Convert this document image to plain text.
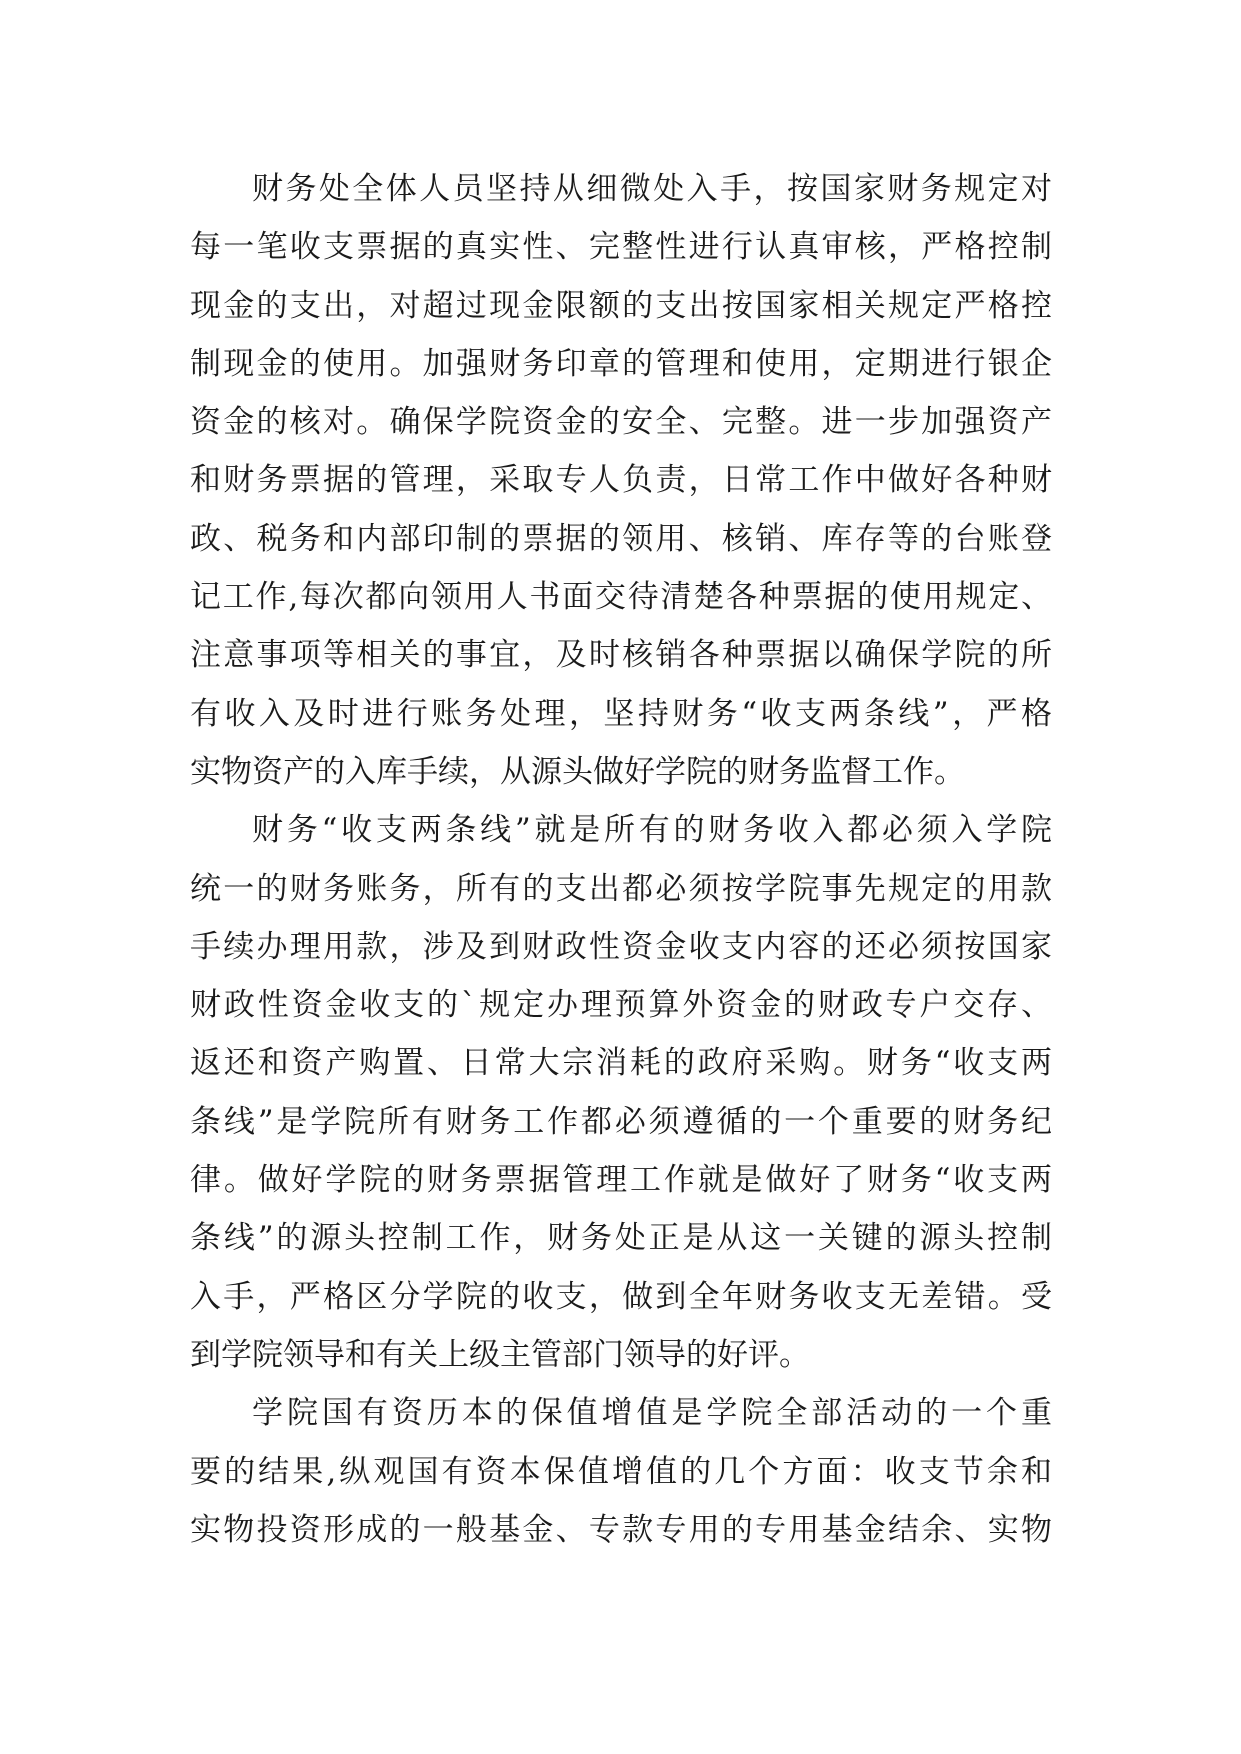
财务处全体人员坚持从细微处入手，按国家财务规定对
每一笔收支票据的真实性、完整性进行认真审核，严格控制
现金的支出，对超过现金限额的支出按国家相关规定严格控
制现金的使用。加强财务印章的管理和使用，定期进行银企
资金的核对。确保学院资金的安全、完整。进一步加强资产
和财务票据的管理，采取专人负责，日常工作中做好各种财
政、税务和内部印制的票据的领用、核销、库存等的台账登
记工作,每次都向领用人书面交待清楚各种票据的使用规定、
注意事项等相关的事宜，及时核销各种票据以确保学院的所
有收入及时进行账务处理，坚持财务“收支两条线”，严格
实物资产的入库手续，从源头做好学院的财务监督工作。
财务“收支两条线”就是所有的财务收入都必须入学院
统一的财务账务，所有的支出都必须按学院事先规定的用款
手续办理用款，涉及到财政性资金收支内容的还必须按国家
财政性资金收支的`规定办理预算外资金的财政专户交存、
返还和资产购置、日常大宗消耗的政府采购。财务“收支两
条线”是学院所有财务工作都必须遵循的一个重要的财务纪
律。做好学院的财务票据管理工作就是做好了财务“收支两
条线”的源头控制工作，财务处正是从这一关键的源头控制
入手，严格区分学院的收支，做到全年财务收支无差错。受
到学院领导和有关上级主管部门领导的好评。
学院国有资历本的保值增值是学院全部活动的一个重
要的结果,纵观国有资本保值增值的几个方面：收支节余和
实物投资形成的一般基金、专款专用的专用基金结余、实物
